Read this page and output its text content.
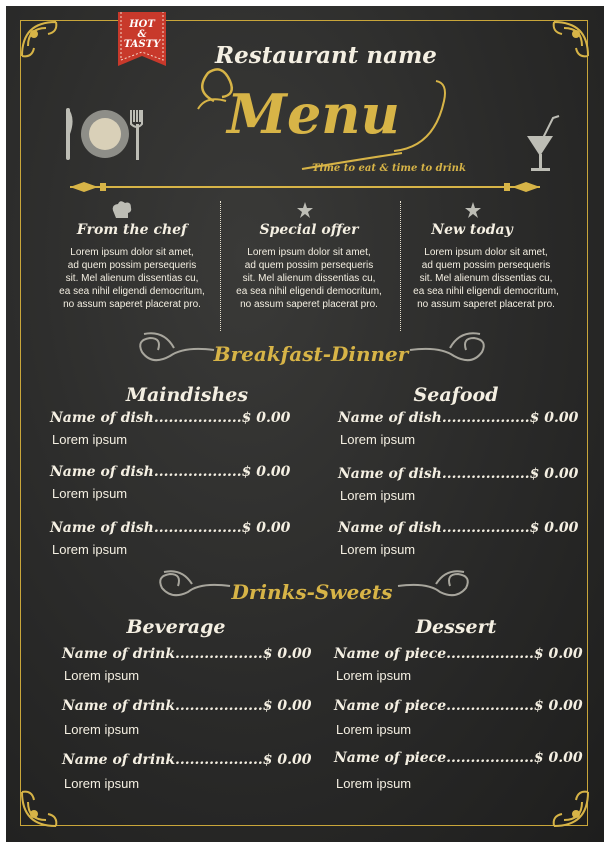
HOT
&
TASTY	Restaurant name
Menu
Time to eat & time to drink
From the chef
Lorem ipsum dolor sit amet,
ad quem possim persequeris
sit. Mel alienum dissentias cu,
ea sea nihil eligendi democritum,
no assum saperet placerat pro.
Special offer
Lorem ipsum dolor sit amet,
ad quem possim persequeris
sit. Mel alienum dissentias cu,
ea sea nihil eligendi democritum,
no assum saperet placerat pro.
New today
Lorem ipsum dolor sit amet,
ad quem possim persequeris
sit. Mel alienum dissentias cu,
ea sea nihil eligendi democritum,
no assum saperet placerat pro.
Breakfast-Dinner
Maindishes	Seafood
Name of dish..................$ 0.00
Lorem ipsum
Name of dish..................$ 0.00
Lorem ipsum
Name of dish..................$ 0.00
Lorem ipsum
Name of dish..................$ 0.00
Lorem ipsum
Name of dish..................$ 0.00
Lorem ipsum
Name of dish..................$ 0.00
Lorem ipsum
Drinks-Sweets
Beverage	Dessert
Name of drink..................$ 0.00
Lorem ipsum
Name of drink..................$ 0.00
Lorem ipsum
Name of drink..................$ 0.00
Lorem ipsum
Name of piece..................$ 0.00
Lorem ipsum
Name of piece..................$ 0.00
Lorem ipsum
Name of piece..................$ 0.00
Lorem ipsum
